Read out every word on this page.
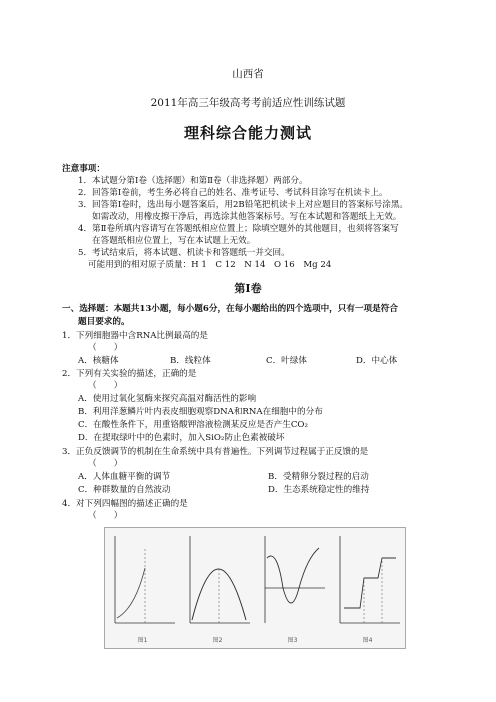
山西省
2011年高三年级高考考前适应性训练试题
理科综合能力测试
注意事项：
1．本试题分第Ⅰ卷（选择题）和第Ⅱ卷（非选择题）两部分。
2．回答第Ⅰ卷前，考生务必将自己的姓名、准考证号、考试科目涂写在机读卡上。
3．回答第Ⅰ卷时，选出每小题答案后，用2B铅笔把机读卡上对应题目的答案标号涂黑。
如需改动，用橡皮擦干净后，再选涂其他答案标号。写在本试题和答题纸上无效。
4．第Ⅱ卷所填内容请写在答题纸相应位置上；除填空题外的其他题目，也须将答案写
在答题纸相应位置上，写在本试题上无效。
5．考试结束后，将本试题、机读卡和答题纸一并交回。
可能用到的相对原子质量：H 1　C 12　N 14　O 16　Mg 24
第Ⅰ卷
一、选择题：本题共13小题，每小题6分，在每小题给出的四个选项中，只有一项是符合
题目要求的。
1．下列细胞器中含RNA比例最高的是
（　　）
A．核糖体	B．线粒体	C．叶绿体	D．中心体
2．下列有关实验的描述，正确的是
（　　）
A．使用过氧化氢酶来探究高温对酶活性的影响
B．利用洋葱鳞片叶内表皮细胞观察DNA和RNA在细胞中的分布
C．在酸性条件下，用重铬酸钾溶液检测某反应是否产生CO₂
D．在提取绿叶中的色素时，加入SiO₂防止色素被破坏
3．正负反馈调节的机制在生命系统中具有普遍性。下列调节过程属于正反馈的是
（　　）
A．人体血糖平衡的调节	B．受精卵分裂过程的启动
C．种群数量的自然波动	D．生态系统稳定性的维持
4．对下列四幅图的描述正确的是
（　　）
图1	图2	图3	图4
